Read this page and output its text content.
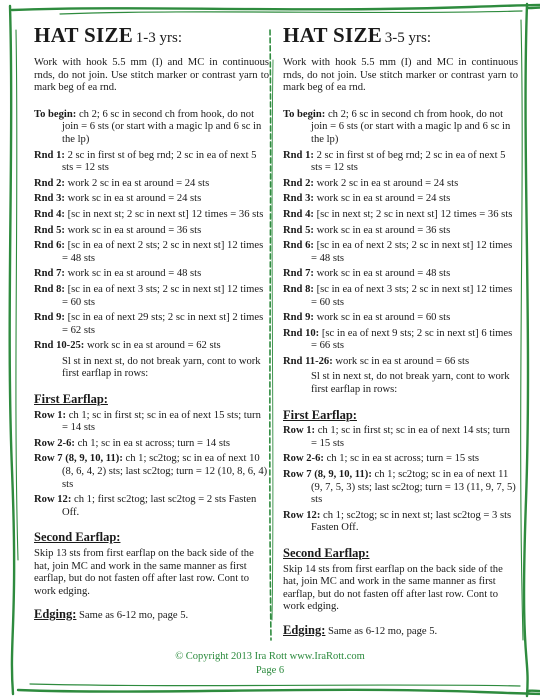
HAT SIZE 1-3 yrs:
Work with hook 5.5 mm (I) and MC in continuous rnds, do not join. Use stitch marker or contrast yarn to mark beg of ea rnd.
To begin: ch 2; 6 sc in second ch from hook, do not join = 6 sts (or start with a magic lp and 6 sc in the lp)
Rnd 1: 2 sc in first st of beg rnd; 2 sc in ea of next 5 sts = 12 sts
Rnd 2: work 2 sc in ea st around = 24 sts
Rnd 3: work sc in ea st around = 24 sts
Rnd 4: [sc in next st; 2 sc in next st] 12 times = 36 sts
Rnd 5: work sc in ea st around = 36 sts
Rnd 6: [sc in ea of next 2 sts; 2 sc in next st] 12 times = 48 sts
Rnd 7: work sc in ea st around = 48 sts
Rnd 8: [sc in ea of next 3 sts; 2 sc in next st] 12 times = 60 sts
Rnd 9: [sc in ea of next 29 sts; 2 sc in next st] 2 times = 62 sts
Rnd 10-25: work sc in ea st around = 62 sts
Sl st in next st, do not break yarn, cont to work first earflap in rows:
First Earflap:
Row 1: ch 1; sc in first st; sc in ea of next 15 sts; turn = 14 sts
Row 2-6: ch 1; sc in ea st across; turn = 14 sts
Row 7 (8, 9, 10, 11): ch 1; sc2tog; sc in ea of next 10 (8, 6, 4, 2) sts; last sc2tog; turn = 12 (10, 8, 6, 4) sts
Row 12: ch 1; first sc2tog; last sc2tog = 2 sts Fasten Off.
Second Earflap:
Skip 13 sts from first earflap on the back side of the hat, join MC and work in the same manner as first earflap, but do not fasten off after last row. Cont to work edging.
Edging: Same as 6-12 mo, page 5.
HAT SIZE 3-5 yrs:
Work with hook 5.5 mm (I) and MC in continuous rnds, do not join. Use stitch marker or contrast yarn to mark beg of ea rnd.
To begin: ch 2; 6 sc in second ch from hook, do not join = 6 sts (or start with a magic lp and 6 sc in the lp)
Rnd 1: 2 sc in first st of beg rnd; 2 sc in ea of next 5 sts = 12 sts
Rnd 2: work 2 sc in ea st around = 24 sts
Rnd 3: work sc in ea st around = 24 sts
Rnd 4: [sc in next st; 2 sc in next st] 12 times = 36 sts
Rnd 5: work sc in ea st around = 36 sts
Rnd 6: [sc in ea of next 2 sts; 2 sc in next st] 12 times = 48 sts
Rnd 7: work sc in ea st around = 48 sts
Rnd 8: [sc in ea of next 3 sts; 2 sc in next st] 12 times = 60 sts
Rnd 9: work sc in ea st around = 60 sts
Rnd 10: [sc in ea of next 9 sts; 2 sc in next st] 6 times = 66 sts
Rnd 11-26: work sc in ea st around = 66 sts
Sl st in next st, do not break yarn, cont to work first earflap in rows:
First Earflap:
Row 1: ch 1; sc in first st; sc in ea of next 14 sts; turn = 15 sts
Row 2-6: ch 1; sc in ea st across; turn = 15 sts
Row 7 (8, 9, 10, 11): ch 1; sc2tog; sc in ea of next 11 (9, 7, 5, 3) sts; last sc2tog; turn = 13 (11, 9, 7, 5) sts
Row 12: ch 1; sc2tog; sc in next st; last sc2tog = 3 sts Fasten Off.
Second Earflap:
Skip 14 sts from first earflap on the back side of the hat, join MC and work in the same manner as first earflap, but do not fasten off after last row. Cont to work edging.
Edging: Same as 6-12 mo, page 5.
© Copyright 2013 Ira Rott www.IraRott.com
Page 6
